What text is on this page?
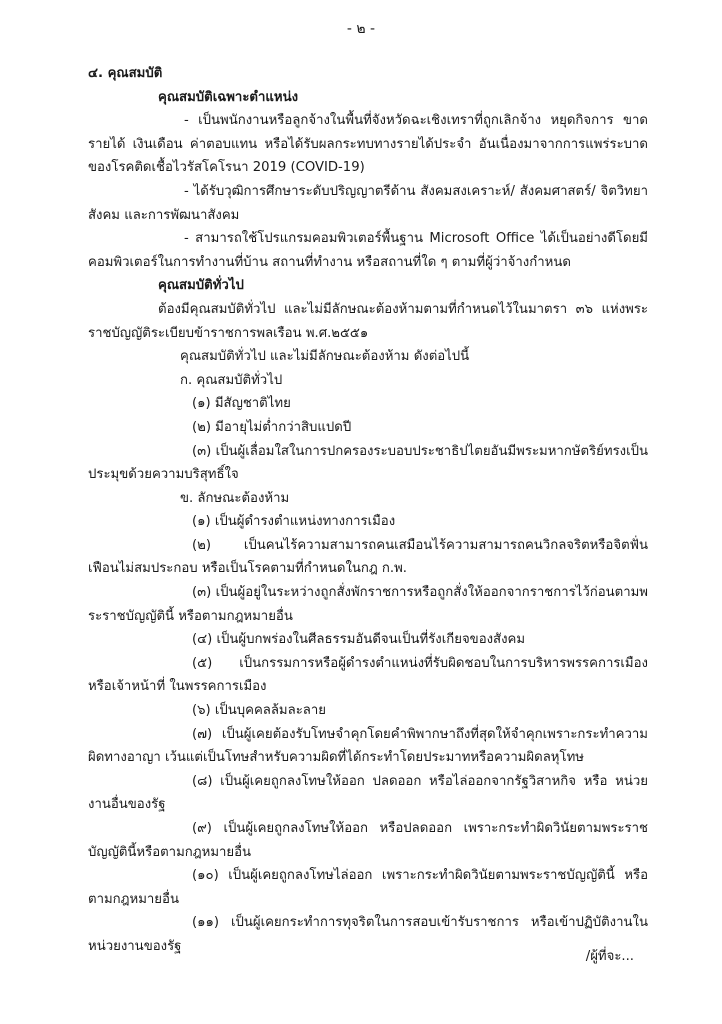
- ๒ -

๔. คุณสมบัติ

คุณสมบัติเฉพาะตำแหน่ง

- เป็นพนักงานหรือลูกจ้างในพื้นที่จังหวัดฉะเชิงเทราที่ถูกเลิกจ้าง หยุดกิจการ ขาดรายได้ เงินเดือน ค่าตอบแทน หรือได้รับผลกระทบทางรายได้ประจำ อันเนื่องมาจากการแพร่ระบาดของโรคติดเชื้อไวรัสโคโรนา 2019 (COVID-19)

- ได้รับวุฒิการศึกษาระดับปริญญาตรีด้าน สังคมสงเคราะห์/ สังคมศาสตร์/ จิตวิทยาสังคม และการพัฒนาสังคม

- สามารถใช้โปรแกรมคอมพิวเตอร์พื้นฐาน Microsoft Office ได้เป็นอย่างดีโดยมีคอมพิวเตอร์ในการทำงานที่บ้าน สถานที่ทำงาน หรือสถานที่ใด ๆ ตามที่ผู้ว่าจ้างกำหนด

คุณสมบัติทั่วไป

ต้องมีคุณสมบัติทั่วไป และไม่มีลักษณะต้องห้ามตามที่กำหนดไว้ในมาตรา ๓๖ แห่งพระราชบัญญัติระเบียบข้าราชการพลเรือน พ.ศ.๒๕๕๑

คุณสมบัติทั่วไป และไม่มีลักษณะต้องห้าม ดังต่อไปนี้

ก. คุณสมบัติทั่วไป

(๑) มีสัญชาติไทย

(๒) มีอายุไม่ต่ำกว่าสิบแปดปี

(๓) เป็นผู้เลื่อมใสในการปกครองระบอบประชาธิปไตยอันมีพระมหากษัตริย์ทรงเป็นประมุขด้วยความบริสุทธิ์ใจ

ข. ลักษณะต้องห้าม

(๑) เป็นผู้ดำรงตำแหน่งทางการเมือง

(๒) เป็นคนไร้ความสามารถคนเสมือนไร้ความสามารถคนวิกลจริตหรือจิตฟั่นเฟือนไม่สมประกอบ หรือเป็นโรคตามที่กำหนดในกฎ ก.พ.

(๓) เป็นผู้อยู่ในระหว่างถูกสั่งพักราชการหรือถูกสั่งให้ออกจากราชการไว้ก่อนตามพระราชบัญญัตินี้ หรือตามกฎหมายอื่น

(๔) เป็นผู้บกพร่องในศีลธรรมอันดีจนเป็นที่รังเกียจของสังคม

(๕) เป็นกรรมการหรือผู้ดำรงตำแหน่งที่รับผิดชอบในการบริหารพรรคการเมือง หรือเจ้าหน้าที่ ในพรรคการเมือง

(๖) เป็นบุคคลล้มละลาย

(๗) เป็นผู้เคยต้องรับโทษจำคุกโดยคำพิพากษาถึงที่สุดให้จำคุกเพราะกระทำความผิดทางอาญา เว้นแต่เป็นโทษสำหรับความผิดที่ได้กระทำโดยประมาทหรือความผิดลหุโทษ

(๘) เป็นผู้เคยถูกลงโทษให้ออก ปลดออก หรือไล่ออกจากรัฐวิสาหกิจ หรือ หน่วยงานอื่นของรัฐ

(๙) เป็นผู้เคยถูกลงโทษให้ออก หรือปลดออก เพราะกระทำผิดวินัยตามพระราชบัญญัตินี้หรือตามกฎหมายอื่น

(๑๐) เป็นผู้เคยถูกลงโทษไล่ออก เพราะกระทำผิดวินัยตามพระราชบัญญัตินี้ หรือตามกฎหมายอื่น

(๑๑) เป็นผู้เคยกระทำการทุจริตในการสอบเข้ารับราชการ หรือเข้าปฏิบัติงานใน หน่วยงานของรัฐ

/ผู้ที่จะ...
